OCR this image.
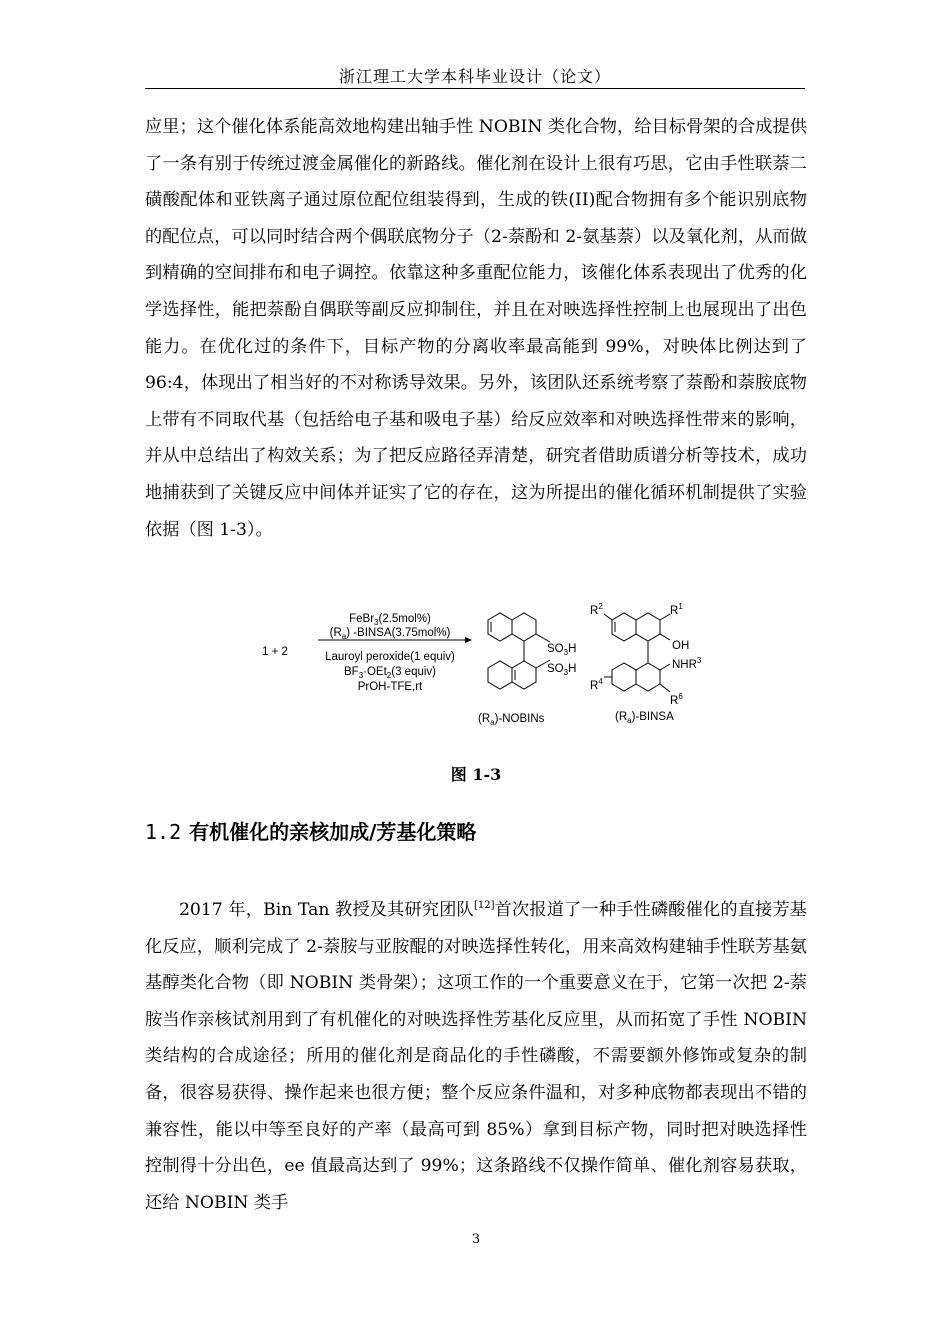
浙江理工大学本科毕业设计（论文）

应里；这个催化体系能高效地构建出轴手性 NOBIN 类化合物，给目标骨架的合成提供了一条有别于传统过渡金属催化的新路线。催化剂在设计上很有巧思，它由手性联萘二磺酸配体和亚铁离子通过原位配位组装得到，生成的铁(II)配合物拥有多个能识别底物的配位点，可以同时结合两个偶联底物分子（2-萘酚和 2-氨基萘）以及氧化剂，从而做到精确的空间排布和电子调控。依靠这种多重配位能力，该催化体系表现出了优秀的化学选择性，能把萘酚自偶联等副反应抑制住，并且在对映选择性控制上也展现出了出色能力。在优化过的条件下，目标产物的分离收率最高能到 99%，对映体比例达到了 96:4，体现出了相当好的不对称诱导效果。另外，该团队还系统考察了萘酚和萘胺底物上带有不同取代基（包括给电子基和吸电子基）给反应效率和对映选择性带来的影响，并从中总结出了构效关系；为了把反应路径弄清楚，研究者借助质谱分析等技术，成功地捕获到了关键反应中间体并证实了它的存在，这为所提出的催化循环机制提供了实验依据（图 1-3）。

1 + 2
FeBr$_3$(2.5mol%)
$(R_a)$ -BINSA(3.75mol%)
Lauroyl peroxide(1 equiv)
$BF_3\cdot OEt_2(3$ equiv)
PrOH-TFE,rt
$SO_3H$
$SO_3H$
$(R_a)$-NOBINs
$R^2$	$R^1$
OH
NHR$^3$
$R^4$
$R^6$
$(R_a)$-BINSA
图 1-3
1.2 有机催化的亲核加成/芳基化策略

2017 年，Bin Tan 教授及其研究团队[12]首次报道了一种手性磷酸催化的直接芳基化反应，顺利完成了 2-萘胺与亚胺醌的对映选择性转化，用来高效构建轴手性联芳基氨基醇类化合物（即 NOBIN 类骨架）；这项工作的一个重要意义在于，它第一次把 2-萘胺当作亲核试剂用到了有机催化的对映选择性芳基化反应里，从而拓宽了手性 NOBIN 类结构的合成途径；所用的催化剂是商品化的手性磷酸，不需要额外修饰或复杂的制备，很容易获得、操作起来也很方便；整个反应条件温和，对多种底物都表现出不错的兼容性，能以中等至良好的产率（最高可到 85%）拿到目标产物，同时把对映选择性控制得十分出色，ee 值最高达到了 99%；这条路线不仅操作简单、催化剂容易获取，还给 NOBIN 类手

3
